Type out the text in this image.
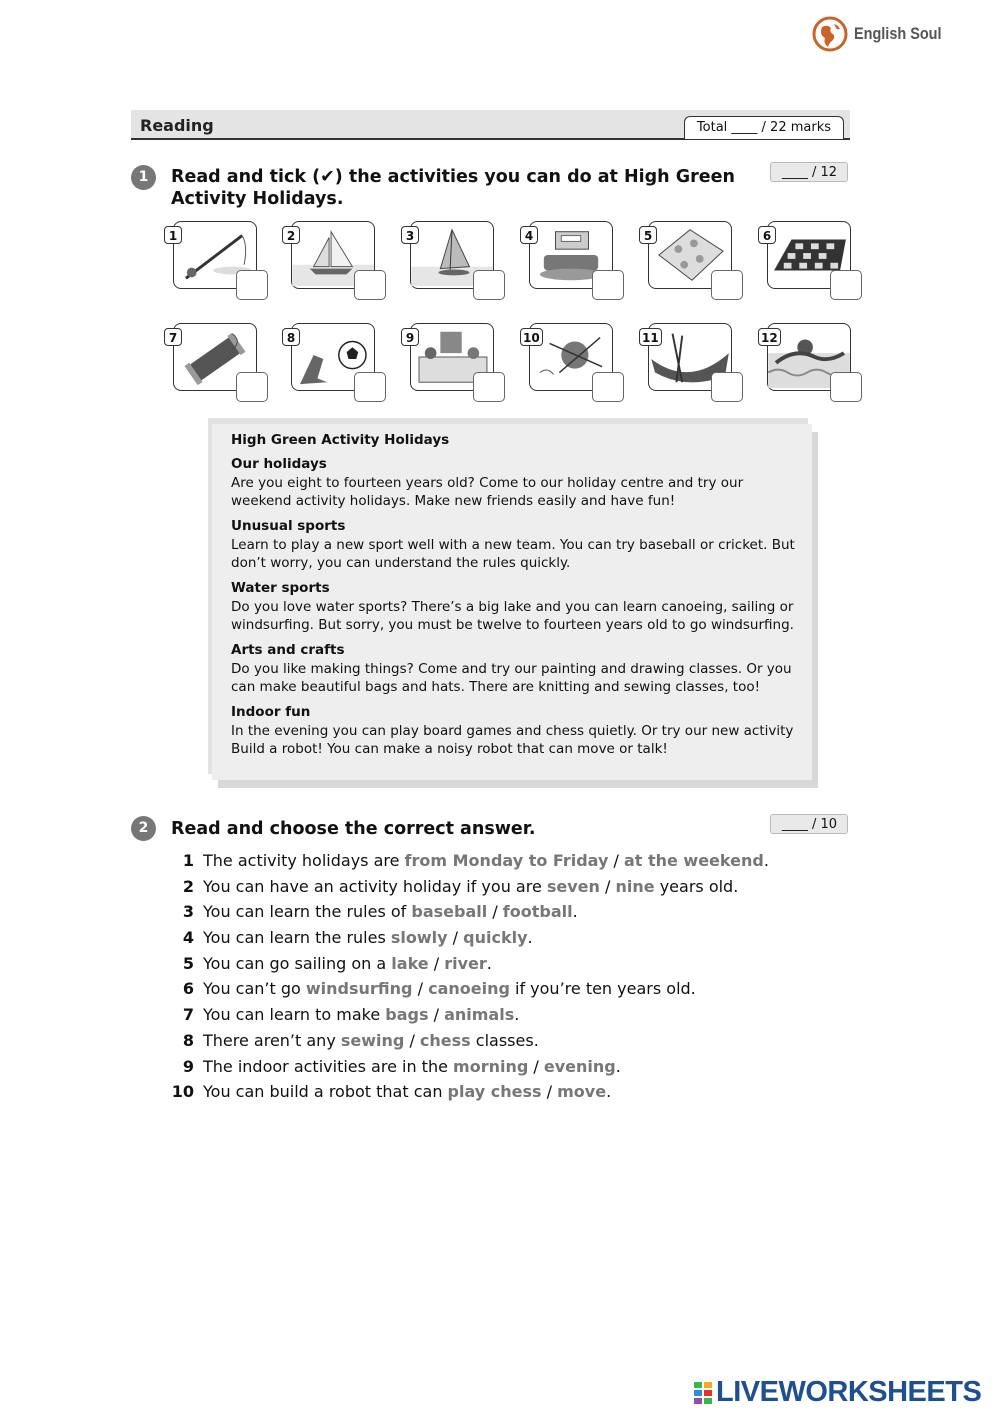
English Soul
Reading	Total ____ / 22 marks
1	Read and tick (✔) the activities you can do at High Green
Activity Holidays.
____ / 12
1	2	3	4	5	6
7	8	9	10	11	12
High Green Activity Holidays
Our holidays
Are you eight to fourteen years old? Come to our holiday centre and try our weekend activity holidays. Make new friends easily and have fun!
Unusual sports
Learn to play a new sport well with a new team. You can try baseball or cricket. But don’t worry, you can understand the rules quickly.
Water sports
Do you love water sports? There’s a big lake and you can learn canoeing, sailing or windsurfing. But sorry, you must be twelve to fourteen years old to go windsurfing.
Arts and crafts
Do you like making things? Come and try our painting and drawing classes. Or you can make beautiful bags and hats. There are knitting and sewing classes, too!
Indoor fun
In the evening you can play board games and chess quietly. Or try our new activity Build a robot! You can make a noisy robot that can move or talk!
2	Read and choose the correct answer.	____ / 10
1 The activity holidays are from Monday to Friday / at the weekend.
2 You can have an activity holiday if you are seven / nine years old.
3 You can learn the rules of baseball / football.
4 You can learn the rules slowly / quickly.
5 You can go sailing on a lake / river.
6 You can’t go windsurfing / canoeing if you’re ten years old.
7 You can learn to make bags / animals.
8 There aren’t any sewing / chess classes.
9 The indoor activities are in the morning / evening.
10 You can build a robot that can play chess / move.
LIVEWORKSHEETS
